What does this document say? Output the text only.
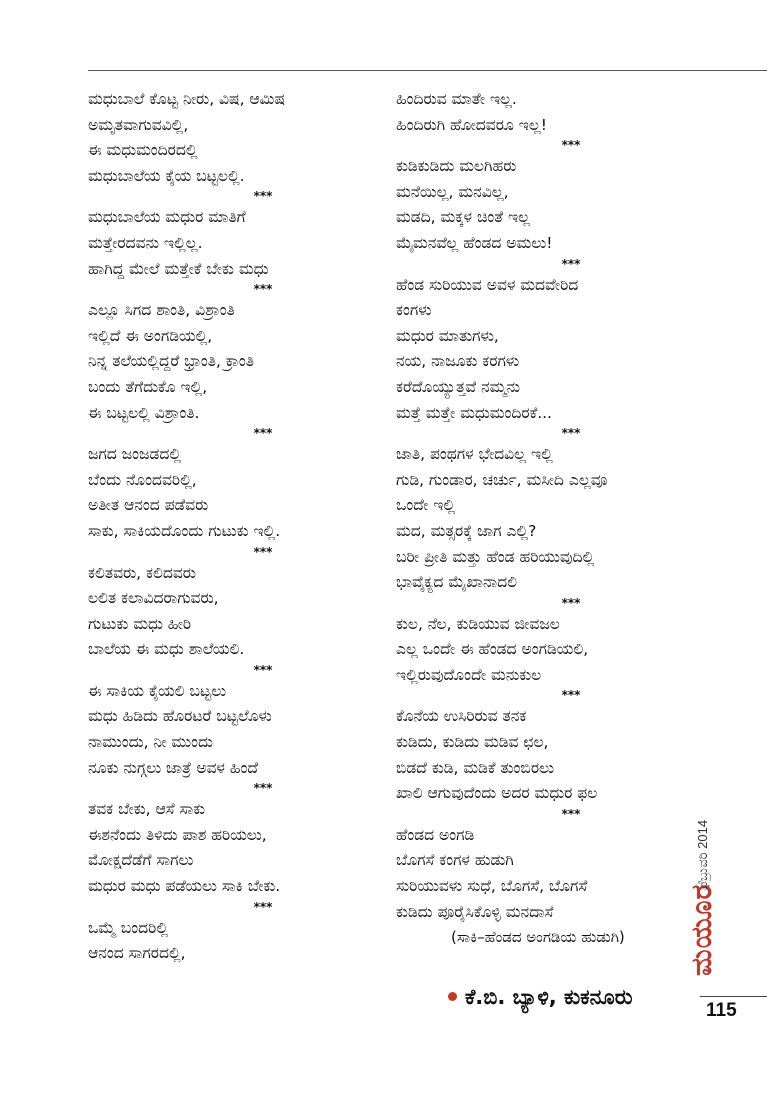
ಮಧುಬಾಲೆ ಕೊಟ್ಟ ನೀರು, ವಿಷ, ಆಮಿಷ
ಅಮೃತವಾಗುವವಿಲ್ಲಿ,
ಈ ಮಧುಮಂದಿರದಲ್ಲಿ
ಮಧುಬಾಲೆಯ ಕೈಯ ಬಟ್ಟಲಲ್ಲಿ.
***
ಮಧುಬಾಲೆಯ ಮಧುರ ಮಾತಿಗೆ
ಮತ್ತೇರದವನು ಇಲ್ಲಿಲ್ಲ.
ಹಾಗಿದ್ದ ಮೇಲೆ ಮತ್ತೇಕೆ ಬೇಕು ಮಧು
***
ಎಲ್ಲೂ ಸಿಗದ ಶಾಂತಿ, ವಿಶ್ರಾಂತಿ
ಇಲ್ಲಿದೆ ಈ ಅಂಗಡಿಯಲ್ಲಿ,
ನಿನ್ನ ತಲೆಯಲ್ಲಿದ್ದರೆ ಭ್ರಾಂತಿ, ಕ್ರಾಂತಿ
ಬಂದು ತೆಗೆದುಕೊ ಇಲ್ಲಿ,
ಈ ಬಟ್ಟಲಲ್ಲಿ ವಿಶ್ರಾಂತಿ.
***
ಜಗದ ಜಂಜಡದಲ್ಲಿ
ಬೆಂದು ನೊಂದವರಿಲ್ಲಿ,
ಅತೀತ ಆನಂದ ಪಡೆವರು
ಸಾಕು, ಸಾಕಿಯದೊಂದು ಗುಟುಕು ಇಲ್ಲಿ.
***
ಕಲಿತವರು, ಕಲಿದವರು
ಲಲಿತ ಕಲಾವಿದರಾಗುವರು,
ಗುಟುಕು ಮಧು ಹೀರಿ
ಬಾಲೆಯ ಈ ಮಧು ಶಾಲೆಯಲಿ.
***
ಈ ಸಾಕಿಯ ಕೈಯಲಿ ಬಟ್ಟಲು
ಮಧು ಹಿಡಿದು ಹೊರಟರೆ ಬಟ್ಟಲೊಳು
ನಾಮುಂದು, ನೀ ಮುಂದು
ನೂಕು ನುಗ್ಗಲು ಜಾತ್ರೆ ಅವಳ ಹಿಂದೆ
***
ತವಕ ಬೇಕು, ಆಸೆ ಸಾಕು
ಈಶನೆಂದು ತಿಳಿದು ಪಾಶ ಹರಿಯಲು,
ಮೋಕ್ಷದೆಡೆಗೆ ಸಾಗಲು
ಮಧುರ ಮಧು ಪಡೆಯಲು ಸಾಕಿ ಬೇಕು.
***
ಒಮ್ಮೆ ಬಂದರಿಲ್ಲಿ
ಆನಂದ ಸಾಗರದಲ್ಲಿ,
ಹಿಂದಿರುವ ಮಾತೇ ಇಲ್ಲ.
ಹಿಂದಿರುಗಿ ಹೋದವರೂ ಇಲ್ಲ!
***
ಕುಡಿಕುಡಿದು ಮಲಗಿಹರು
ಮನೆಯಿಲ್ಲ, ಮನವಿಲ್ಲ,
ಮಡದಿ, ಮಕ್ಕಳ ಚಿಂತೆ ಇಲ್ಲ
ಮೈಮನವೆಲ್ಲ ಹೆಂಡದ ಅಮಲು!
***
ಹೆಂಡ ಸುರಿಯುವ ಅವಳ ಮದವೇರಿದ
ಕಂಗಳು
ಮಧುರ ಮಾತುಗಳು,
ನಯ, ನಾಜೂಕು ಕರಗಳು
ಕರೆದೊಯ್ಯುತ್ತವೆ ನಮ್ಮನು
ಮತ್ತೆ ಮತ್ತೇ ಮಧುಮಂದಿರಕೆ...
***
ಜಾತಿ, ಪಂಥಗಳ ಭೇದವಿಲ್ಲ ಇಲ್ಲಿ
ಗುಡಿ, ಗುಂಡಾರ, ಚರ್ಚು, ಮಸೀದಿ ಎಲ್ಲವೂ
ಒಂದೇ ಇಲ್ಲಿ
ಮದ, ಮತ್ಸರಕ್ಕೆ ಜಾಗ ಎಲ್ಲಿ?
ಬರೀ ಪ್ರೀತಿ ಮತ್ತು ಹೆಂಡ ಹರಿಯುವುದಿಲ್ಲಿ
ಭಾವೈಕ್ಯದ ಮೈಖಾನಾದಲಿ
***
ಕುಲ, ನೆಲ, ಕುಡಿಯುವ ಜೀವಜಲ
ಎಲ್ಲ ಒಂದೇ ಈ ಹೆಂಡದ ಅಂಗಡಿಯಲಿ,
ಇಲ್ಲಿರುವುದೊಂದೇ ಮನುಕುಲ
***
ಕೊನೆಯ ಉಸಿರಿರುವ ತನಕ
ಕುಡಿದು, ಕುಡಿದು ಮಡಿವ ಛಲ,
ಬಿಡದೆ ಕುಡಿ, ಮಡಿಕೆ ತುಂಬಿರಲು
ಖಾಲಿ ಆಗುವುದೆಂದು ಅದರ ಮಧುರ ಫಲ
***
ಹೆಂಡದ ಅಂಗಡಿ
ಬೊಗಸೆ ಕಂಗಳ ಹುಡುಗಿ
ಸುರಿಯುವಳು ಸುಧೆ, ಬೊಗಸೆ, ಬೊಗಸೆ
ಕುಡಿದು ಪೂರೈಸಿಕೊಳ್ಳಿ ಮನದಾಸೆ
(ಸಾಕಿ–ಹೆಂಡದ ಅಂಗಡಿಯ ಹುಡುಗಿ)	ಮಯೂರ
ಫೆಬ್ರುವರಿ 2014
ಕೆ.ಬಿ. ಬ್ಯಾಳಿ, ಕುಕನೂರು
115
